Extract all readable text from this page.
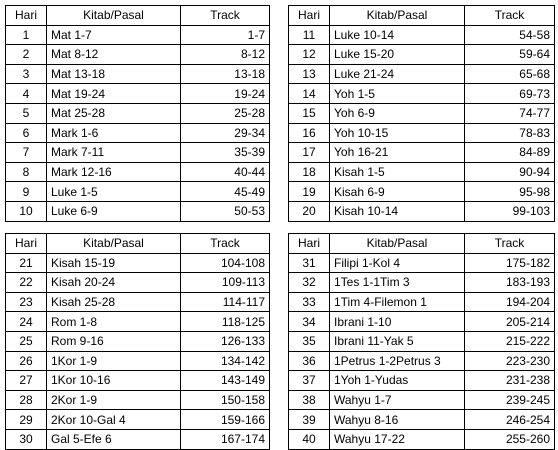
Hari	Kitab/Pasal	Track
1	Mat 1-7	1-7
2	Mat 8-12	8-12
3	Mat 13-18	13-18
4	Mat 19-24	19-24
5	Mat 25-28	25-28
6	Mark 1-6	29-34
7	Mark 7-11	35-39
8	Mark 12-16	40-44
9	Luke 1-5	45-49
10	Luke 6-9	50-53
Hari	Kitab/Pasal	Track
11	Luke 10-14	54-58
12	Luke 15-20	59-64
13	Luke 21-24	65-68
14	Yoh 1-5	69-73
15	Yoh 6-9	74-77
16	Yoh 10-15	78-83
17	Yoh 16-21	84-89
18	Kisah 1-5	90-94
19	Kisah 6-9	95-98
20	Kisah 10-14	99-103
Hari	Kitab/Pasal	Track
21	Kisah 15-19	104-108
22	Kisah 20-24	109-113
23	Kisah 25-28	114-117
24	Rom 1-8	118-125
25	Rom 9-16	126-133
26	1Kor 1-9	134-142
27	1Kor 10-16	143-149
28	2Kor 1-9	150-158
29	2Kor 10-Gal 4	159-166
30	Gal 5-Efe 6	167-174
Hari	Kitab/Pasal	Track
31	Filipi 1-Kol 4	175-182
32	1Tes 1-1Tim 3	183-193
33	1Tim 4-Filemon 1	194-204
34	Ibrani 1-10	205-214
35	Ibrani 11-Yak 5	215-222
36	1Petrus 1-2Petrus 3	223-230
37	1Yoh 1-Yudas	231-238
38	Wahyu 1-7	239-245
39	Wahyu 8-16	246-254
40	Wahyu 17-22	255-260
